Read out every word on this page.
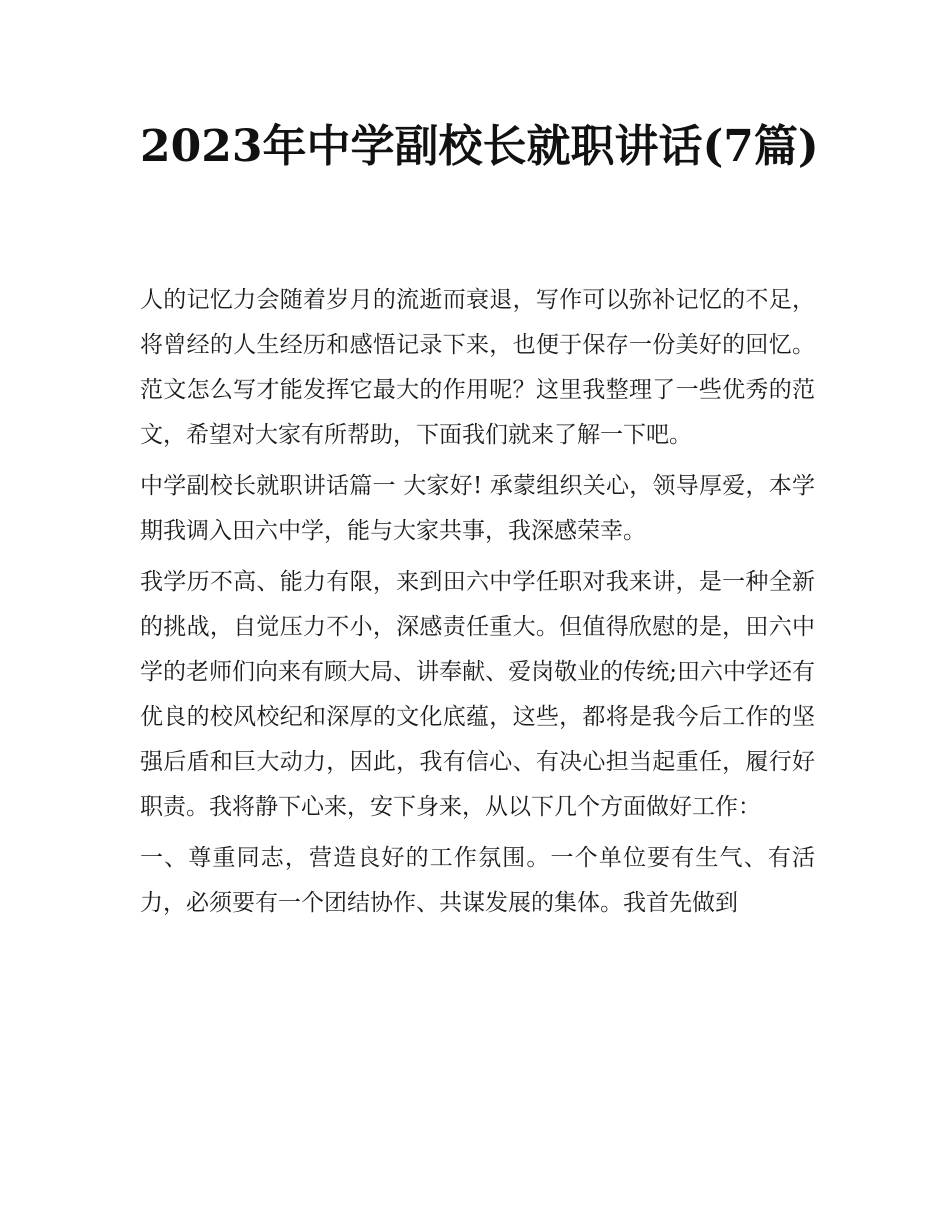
2023年中学副校长就职讲话(7篇)

人的记忆力会随着岁月的流逝而衰退，写作可以弥补记忆的不足，将曾经的人生经历和感悟记录下来，也便于保存一份美好的回忆。范文怎么写才能发挥它最大的作用呢？这里我整理了一些优秀的范文，希望对大家有所帮助，下面我们就来了解一下吧。

中学副校长就职讲话篇一 大家好! 承蒙组织关心，领导厚爱，本学期我调入田六中学，能与大家共事，我深感荣幸。

我学历不高、能力有限，来到田六中学任职对我来讲，是一种全新的挑战，自觉压力不小，深感责任重大。但值得欣慰的是，田六中学的老师们向来有顾大局、讲奉献、爱岗敬业的传统;田六中学还有优良的校风校纪和深厚的文化底蕴，这些，都将是我今后工作的坚强后盾和巨大动力，因此，我有信心、有决心担当起重任，履行好职责。我将静下心来，安下身来，从以下几个方面做好工作：

一、尊重同志，营造良好的工作氛围。一个单位要有生气、有活力，必须要有一个团结协作、共谋发展的集体。我首先做到
